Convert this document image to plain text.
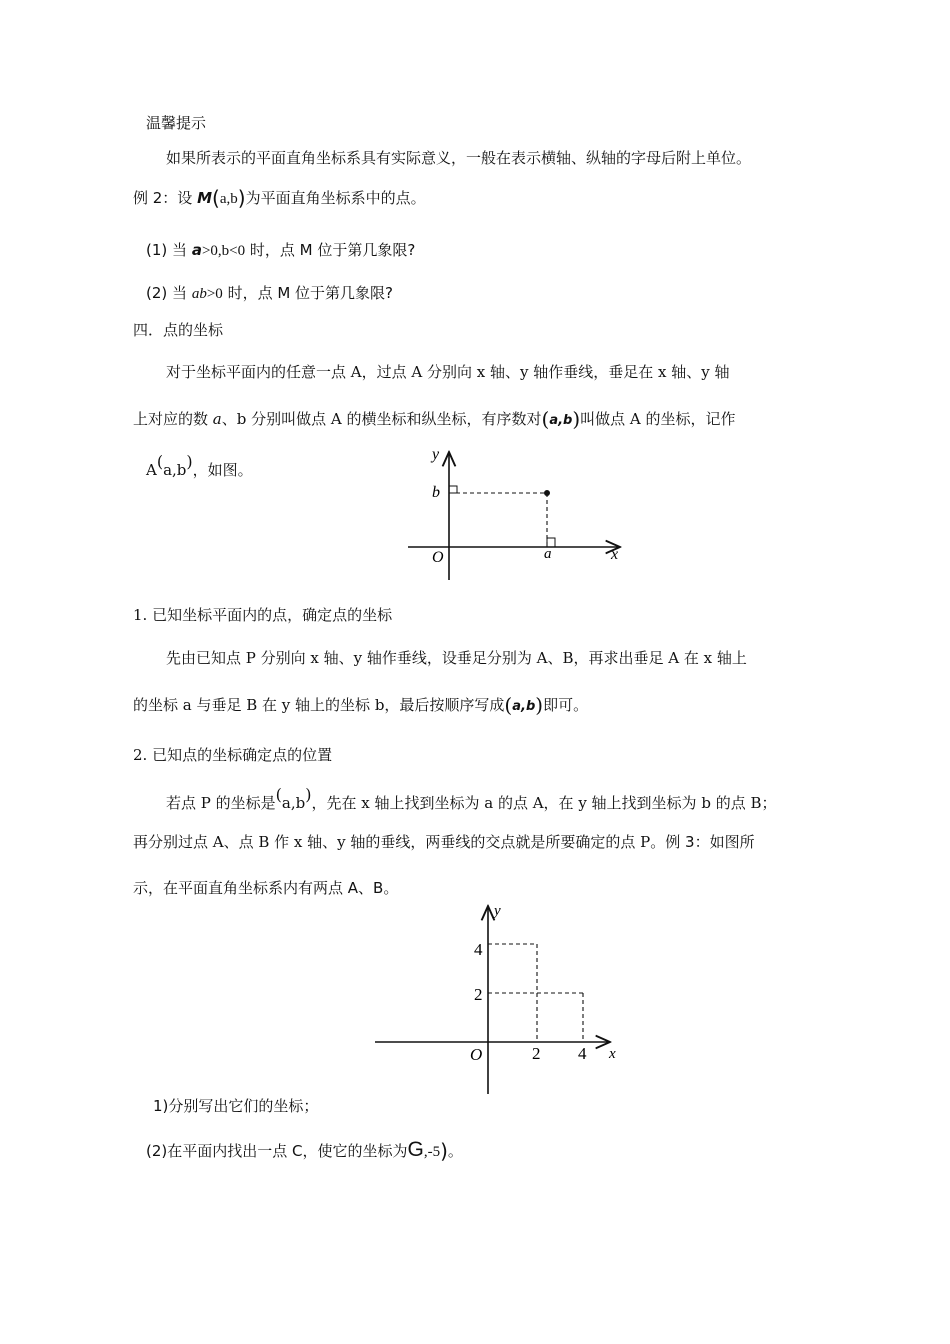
温馨提示
如果所表示的平面直角坐标系具有实际意义，一般在表示横轴、纵轴的字母后附上单位。
例 2：设 M(a,b)为平面直角坐标系中的点。
(1) 当 a>0,b<0 时，点 M 位于第几象限?
(2) 当 ab>0 时，点 M 位于第几象限?
四．点的坐标
对于坐标平面内的任意一点 A，过点 A 分别向 x 轴、y 轴作垂线，垂足在 x 轴、y 轴
上对应的数 a、b 分别叫做点 A 的横坐标和纵坐标，有序数对(a,b)叫做点 A 的坐标，记作
A(a,b)，如图。
y
x
O
b
a
1. 已知坐标平面内的点，确定点的坐标
先由已知点 P 分别向 x 轴、y 轴作垂线，设垂足分别为 A、B，再求出垂足 A 在 x 轴上
的坐标 a 与垂足 B 在 y 轴上的坐标 b，最后按顺序写成(a,b)即可。
2. 已知点的坐标确定点的位置
若点 P 的坐标是(a,b)，先在 x 轴上找到坐标为 a 的点 A，在 y 轴上找到坐标为 b 的点 B；
再分别过点 A、点 B 作 x 轴、y 轴的垂线，两垂线的交点就是所要确定的点 P。例 3：如图所
示，在平面直角坐标系内有两点 A、B。
y
x
O
4
2
2 4
1)分别写出它们的坐标；
(2)在平面内找出一点 C，使它的坐标为G,-5)。
